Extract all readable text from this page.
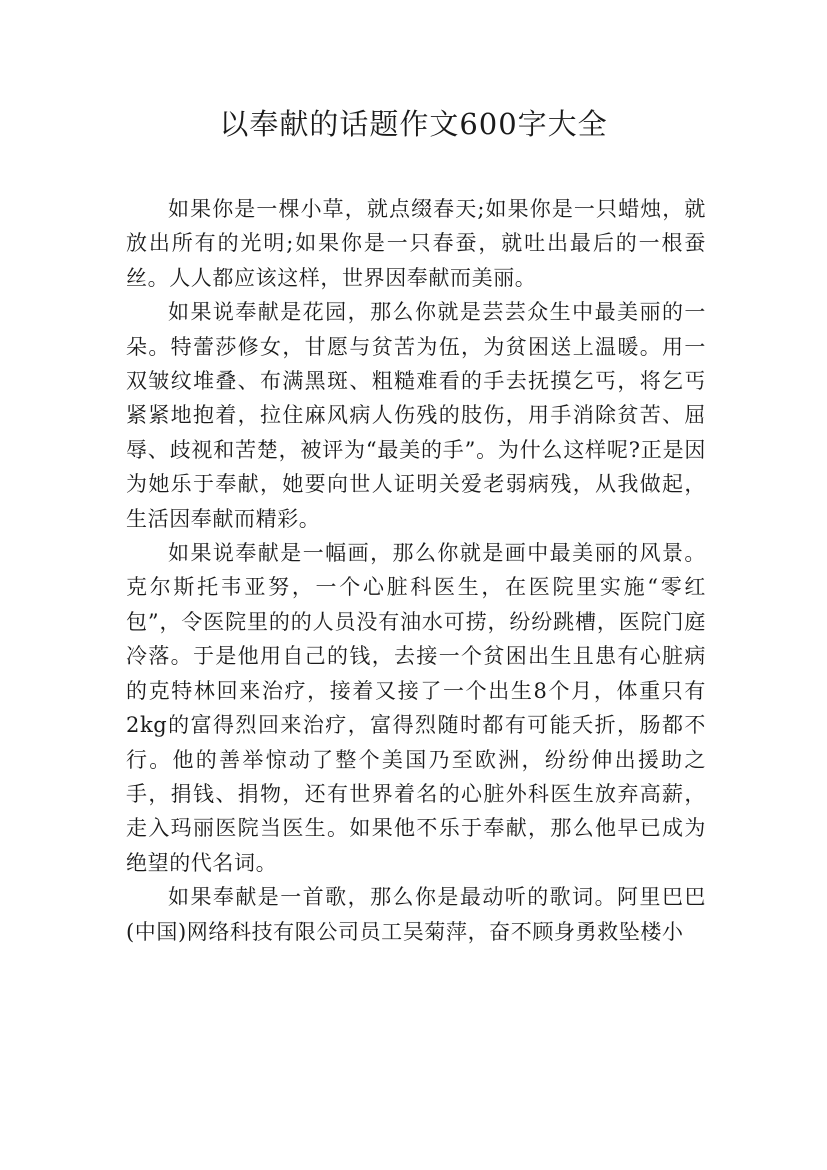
以奉献的话题作文600字大全

如果你是一棵小草，就点缀春天;如果你是一只蜡烛，就放出所有的光明;如果你是一只春蚕，就吐出最后的一根蚕丝。人人都应该这样，世界因奉献而美丽。

如果说奉献是花园，那么你就是芸芸众生中最美丽的一朵。特蕾莎修女，甘愿与贫苦为伍，为贫困送上温暖。用一双皱纹堆叠、布满黑斑、粗糙难看的手去抚摸乞丐，将乞丐紧紧地抱着，拉住麻风病人伤残的肢伤，用手消除贫苦、屈辱、歧视和苦楚，被评为“最美的手”。为什么这样呢?正是因为她乐于奉献，她要向世人证明关爱老弱病残，从我做起，生活因奉献而精彩。

如果说奉献是一幅画，那么你就是画中最美丽的风景。克尔斯托韦亚努，一个心脏科医生，在医院里实施“零红包”，令医院里的的人员没有油水可捞，纷纷跳槽，医院门庭冷落。于是他用自己的钱，去接一个贫困出生且患有心脏病的克特林回来治疗，接着又接了一个出生8个月，体重只有2kg的富得烈回来治疗，富得烈随时都有可能夭折，肠都不行。他的善举惊动了整个美国乃至欧洲，纷纷伸出援助之手，捐钱、捐物，还有世界着名的心脏外科医生放弃高薪，走入玛丽医院当医生。如果他不乐于奉献，那么他早已成为绝望的代名词。

如果奉献是一首歌，那么你是最动听的歌词。阿里巴巴(中国)网络科技有限公司员工吴菊萍，奋不顾身勇救坠楼小
